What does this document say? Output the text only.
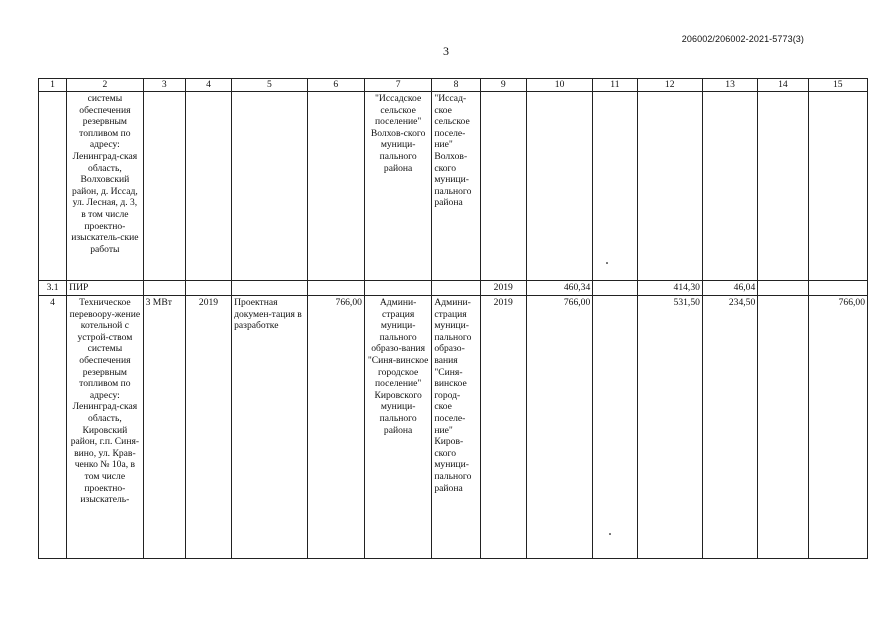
206002/206002-2021-5773(3)
3
1	2	3	4	5	6	7	8	9	10	11	12	13	14	15
	системы обеспечения резервным топливом по адресу: Ленинград-ская область, Волховский район, д. Иссад, ул. Лесная, д. 3, в том числе проектно-изыскатель-ские работы					"Иссадское сельское поселение" Волхов-ского муници-пального района	"Иссад-ское сельское поселе-ние" Волхов-ского муници-пального района							
3.1	ПИР							2019	460,34		414,30	46,04		
4	Техническое перевоору-жение котельной с устрой-ством системы обеспечения резервным топливом по адресу: Ленинград-ская область, Кировский район, г.п. Синя-вино, ул. Крав-ченко № 10а, в том числе проектно-изыскатель-	3 МВт	2019	Проектная докумен-тация в разработке	766,00	Админи-страция муници-пального образо-вания "Синя-винское городское поселение" Кировского муници-пального района	Админи-страция муници-пального образо-вания "Синя-винское город-ское поселе-ние" Киров-ского муници-пального района	2019	766,00		531,50	234,50		766,00
